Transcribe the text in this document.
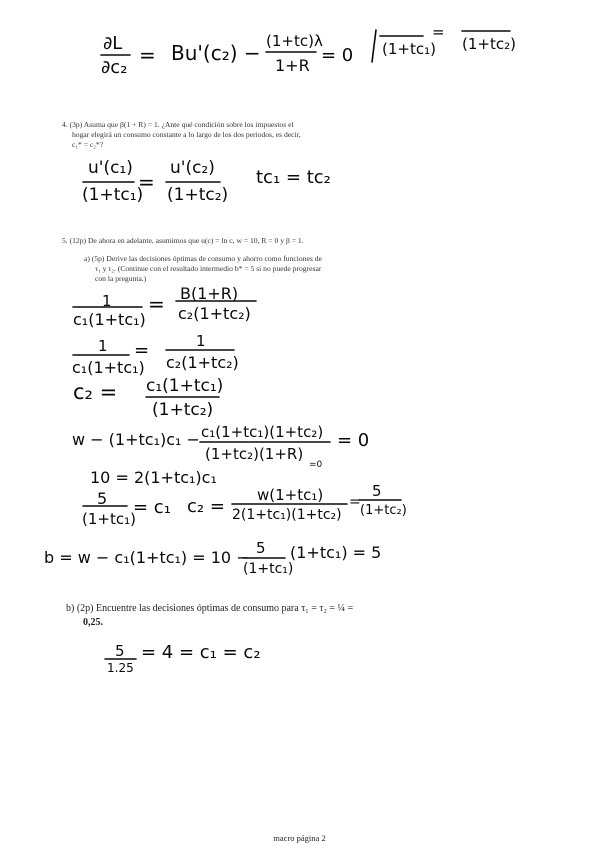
∂L
∂c₂
= Bu'(c₂) − (1+tc)λ
1+R = 0 (1+tc₁)
=
(1+tc₂)
4. (3p) Asuma que β(1 + R) = 1. ¿Ante qué condición sobre los impuestos el
hogar elegirá un consumo constante a lo largo de los dos periodos, es decir,
c₁* = c₂*?
u'(c₁)
(1+tc₁)
=
u'(c₂)
(1+tc₂)
tc₁ = tc₂
5. (12p) De ahora en adelante, asumimos que u(c) = ln c, w = 10, R = 0 y β = 1.
a) (5p) Derive las decisiones óptimas de consumo y ahorro como funciones de
τ₁ y τ₂. (Continue con el resultado intermedio b* = 5 si no puede progresar
con la pregunta.)
1
c₁(1+tc₁)
= B(1+R)
c₂(1+tc₂)
1
c₁(1+tc₁)
=	1
c₂(1+tc₂)
c₂ = c₁(1+tc₁)
(1+tc₂)
w − (1+tc₁)c₁ − c₁(1+tc₁)(1+tc₂)
(1+tc₂)(1+R)
=0
= 0
10 = 2(1+tc₁)c₁
5
(1+tc₁)
= c₁ c₂ =
w(1+tc₁)
2(1+tc₁)(1+tc₂)
=
5
(1+tc₂)
b = w − c₁(1+tc₁) = 10 − 5
(1+tc₁)
(1+tc₁) = 5
b) (2p) Encuentre las decisiones óptimas de consumo para τ₁ = τ₂ = ¼ =
0,25.
5
1.25
= 4 = c₁ = c₂
macro página 2
